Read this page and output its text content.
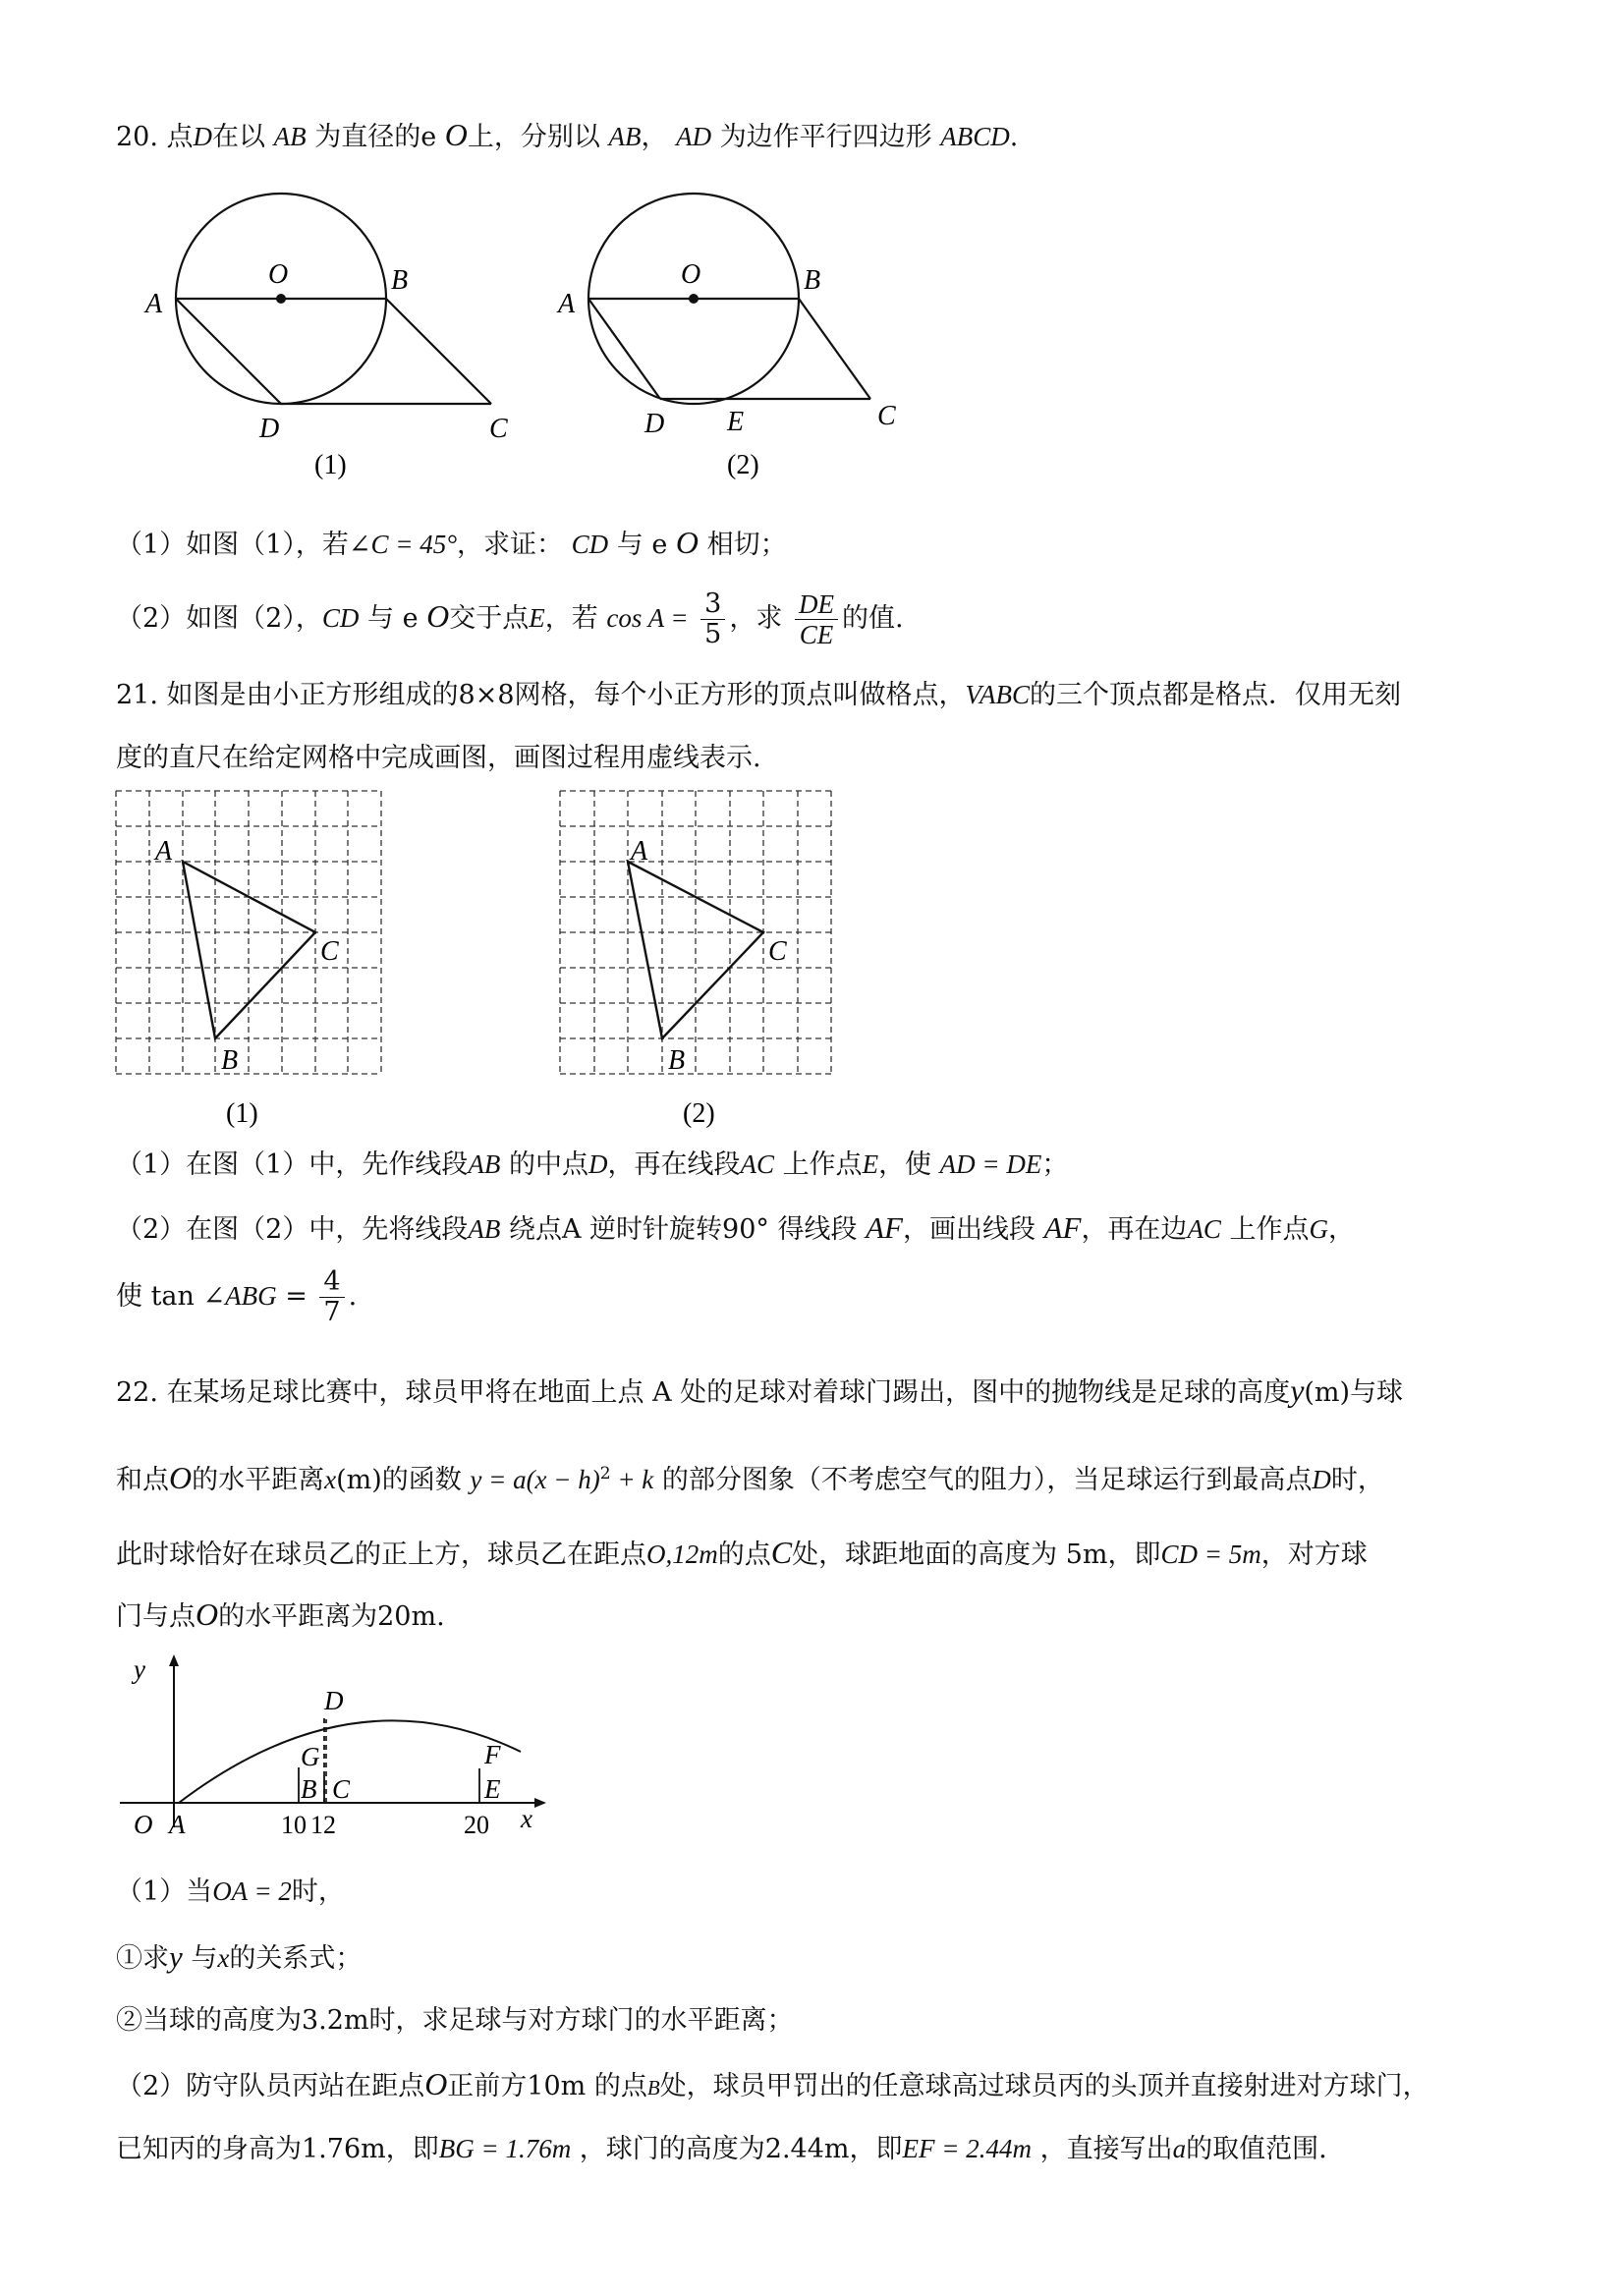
20. 点D在以 AB 为直径的e O上，分别以 AB， AD 为边作平行四边形 ABCD.
A
O	B
D	C
(1)
A
O	B
D E	C
(2)
（1）如图（1），若∠C = 45°，求证： CD 与 e O 相切；
（2）如图（2），CD 与 e O交于点E，若 $\cos A = \frac{3}{5}$ ，求 $\frac{DE}{CE}$ 的值.
21. 如图是由小正方形组成的8×8网格，每个小正方形的顶点叫做格点，VABC的三个顶点都是格点．仅用无刻
度的直尺在给定网格中完成画图，画图过程用虚线表示.
A
C
B
(1)
A
C
B
(2)
（1）在图（1）中，先作线段AB 的中点D，再在线段AC 上作点E，使 AD = DE；
（2）在图（2）中，先将线段AB 绕点A 逆时针旋转90° 得线段 AF，画出线段 AF，再在边AC 上作点G，
使 tan ∠ABG = $\frac{4}{7}$ .
22. 在某场足球比赛中，球员甲将在地面上点 A 处的足球对着球门踢出，图中的抛物线是足球的高度y(m)与球
和点O的水平距离x(m)的函数 $y = a(x - h)^2 + k$ 的部分图象（不考虑空气的阻力），当足球运行到最高点D时，
此时球恰好在球员乙的正上方，球员乙在距点O,12m的点C处，球距地面的高度为 5m，即CD = 5m，对方球
门与点O的水平距离为20m.
y
D
G
B C
F
E
O A	10 12	20 x
（1）当OA = 2时，
①求y 与x的关系式；
②当球的高度为3.2m时，求足球与对方球门的水平距离；
（2）防守队员丙站在距点O正前方10m 的点B处，球员甲罚出的任意球高过球员丙的头顶并直接射进对方球门，
已知丙的身高为1.76m，即BG = 1.76m ，球门的高度为2.44m，即EF = 2.44m ，直接写出a的取值范围.
